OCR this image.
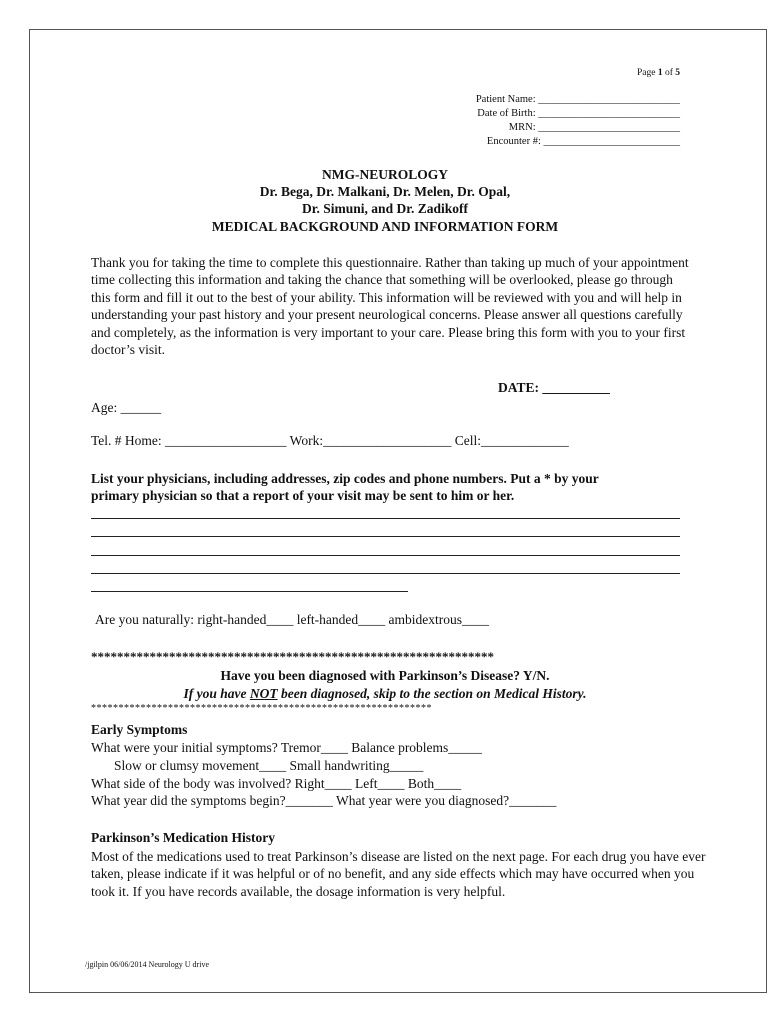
Page 1 of 5
Patient Name: ___________________________
Date of Birth: ___________________________
MRN: ___________________________
Encounter #: __________________________
NMG-NEUROLOGY
Dr. Bega, Dr. Malkani, Dr. Melen, Dr. Opal,
Dr. Simuni, and Dr. Zadikoff
MEDICAL BACKGROUND AND INFORMATION FORM
Thank you for taking the time to complete this questionnaire. Rather than taking up much of your appointment time collecting this information and taking the chance that something will be overlooked, please go through this form and fill it out to the best of your ability. This information will be reviewed with you and will help in understanding your past history and your present neurological concerns. Please answer all questions carefully and completely, as the information is very important to your care. Please bring this form with you to your first doctor’s visit.
DATE: __________
Age: ______
Tel. # Home: __________________ Work:___________________ Cell:_____________
List your physicians, including addresses, zip codes and phone numbers. Put a * by your
primary physician so that a report of your visit may be sent to him or her.
Are you naturally: right-handed____ left-handed____ ambidextrous____
**************************************************************
Have you been diagnosed with Parkinson’s Disease? Y/N.
If you have NOT been diagnosed, skip to the section on Medical History.
**************************************************************
Early Symptoms
What were your initial symptoms? Tremor____ Balance problems_____
Slow or clumsy movement____ Small handwriting_____
What side of the body was involved? Right____ Left____ Both____
What year did the symptoms begin?_______ What year were you diagnosed?_______
Parkinson’s Medication History
Most of the medications used to treat Parkinson’s disease are listed on the next page. For each drug you have ever taken, please indicate if it was helpful or of no benefit, and any side effects which may have occurred when you took it. If you have records available, the dosage information is very helpful.
/jgilpin 06/06/2014 Neurology U drive
